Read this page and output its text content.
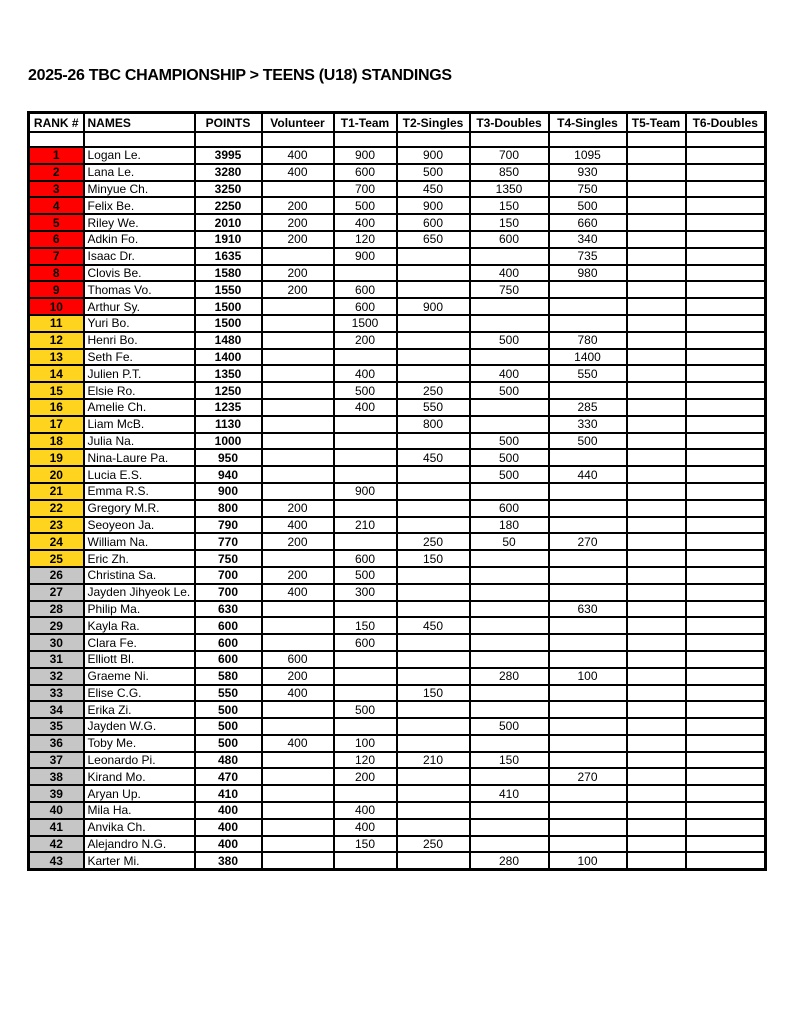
2025-26 TBC CHAMPIONSHIP > TEENS (U18) STANDINGS
RANK #	NAMES	POINTS	Volunteer	T1-Team	T2-Singles	T3-Doubles	T4-Singles	T5-Team	T6-Doubles

1	Logan Le.	3995	400	900	900	700	1095		
2	Lana Le.	3280	400	600	500	850	930		
3	Minyue Ch.	3250		700	450	1350	750		
4	Felix Be.	2250	200	500	900	150	500		
5	Riley We.	2010	200	400	600	150	660		
6	Adkin Fo.	1910	200	120	650	600	340		
7	Isaac Dr.	1635		900			735		
8	Clovis Be.	1580	200			400	980		
9	Thomas Vo.	1550	200	600		750			
10	Arthur Sy.	1500		600	900				
11	Yuri Bo.	1500		1500					
12	Henri Bo.	1480		200		500	780		
13	Seth Fe.	1400					1400		
14	Julien P.T.	1350		400		400	550		
15	Elsie Ro.	1250		500	250	500			
16	Amelie Ch.	1235		400	550		285		
17	Liam McB.	1130			800		330		
18	Julia Na.	1000				500	500		
19	Nina-Laure Pa.	950			450	500			
20	Lucia E.S.	940				500	440		
21	Emma R.S.	900		900					
22	Gregory M.R.	800	200			600			
23	Seoyeon Ja.	790	400	210		180			
24	William Na.	770	200		250	50	270		
25	Eric Zh.	750		600	150				
26	Christina Sa.	700	200	500					
27	Jayden Jihyeok Le.	700	400	300					
28	Philip Ma.	630					630		
29	Kayla Ra.	600		150	450				
30	Clara Fe.	600		600					
31	Elliott Bl.	600	600						
32	Graeme Ni.	580	200			280	100		
33	Elise C.G.	550	400		150				
34	Erika Zi.	500		500					
35	Jayden W.G.	500				500			
36	Toby Me.	500	400	100					
37	Leonardo Pi.	480		120	210	150			
38	Kirand Mo.	470		200			270		
39	Aryan Up.	410				410			
40	Mila Ha.	400		400					
41	Anvika Ch.	400		400					
42	Alejandro N.G.	400		150	250				
43	Karter Mi.	380				280	100		
